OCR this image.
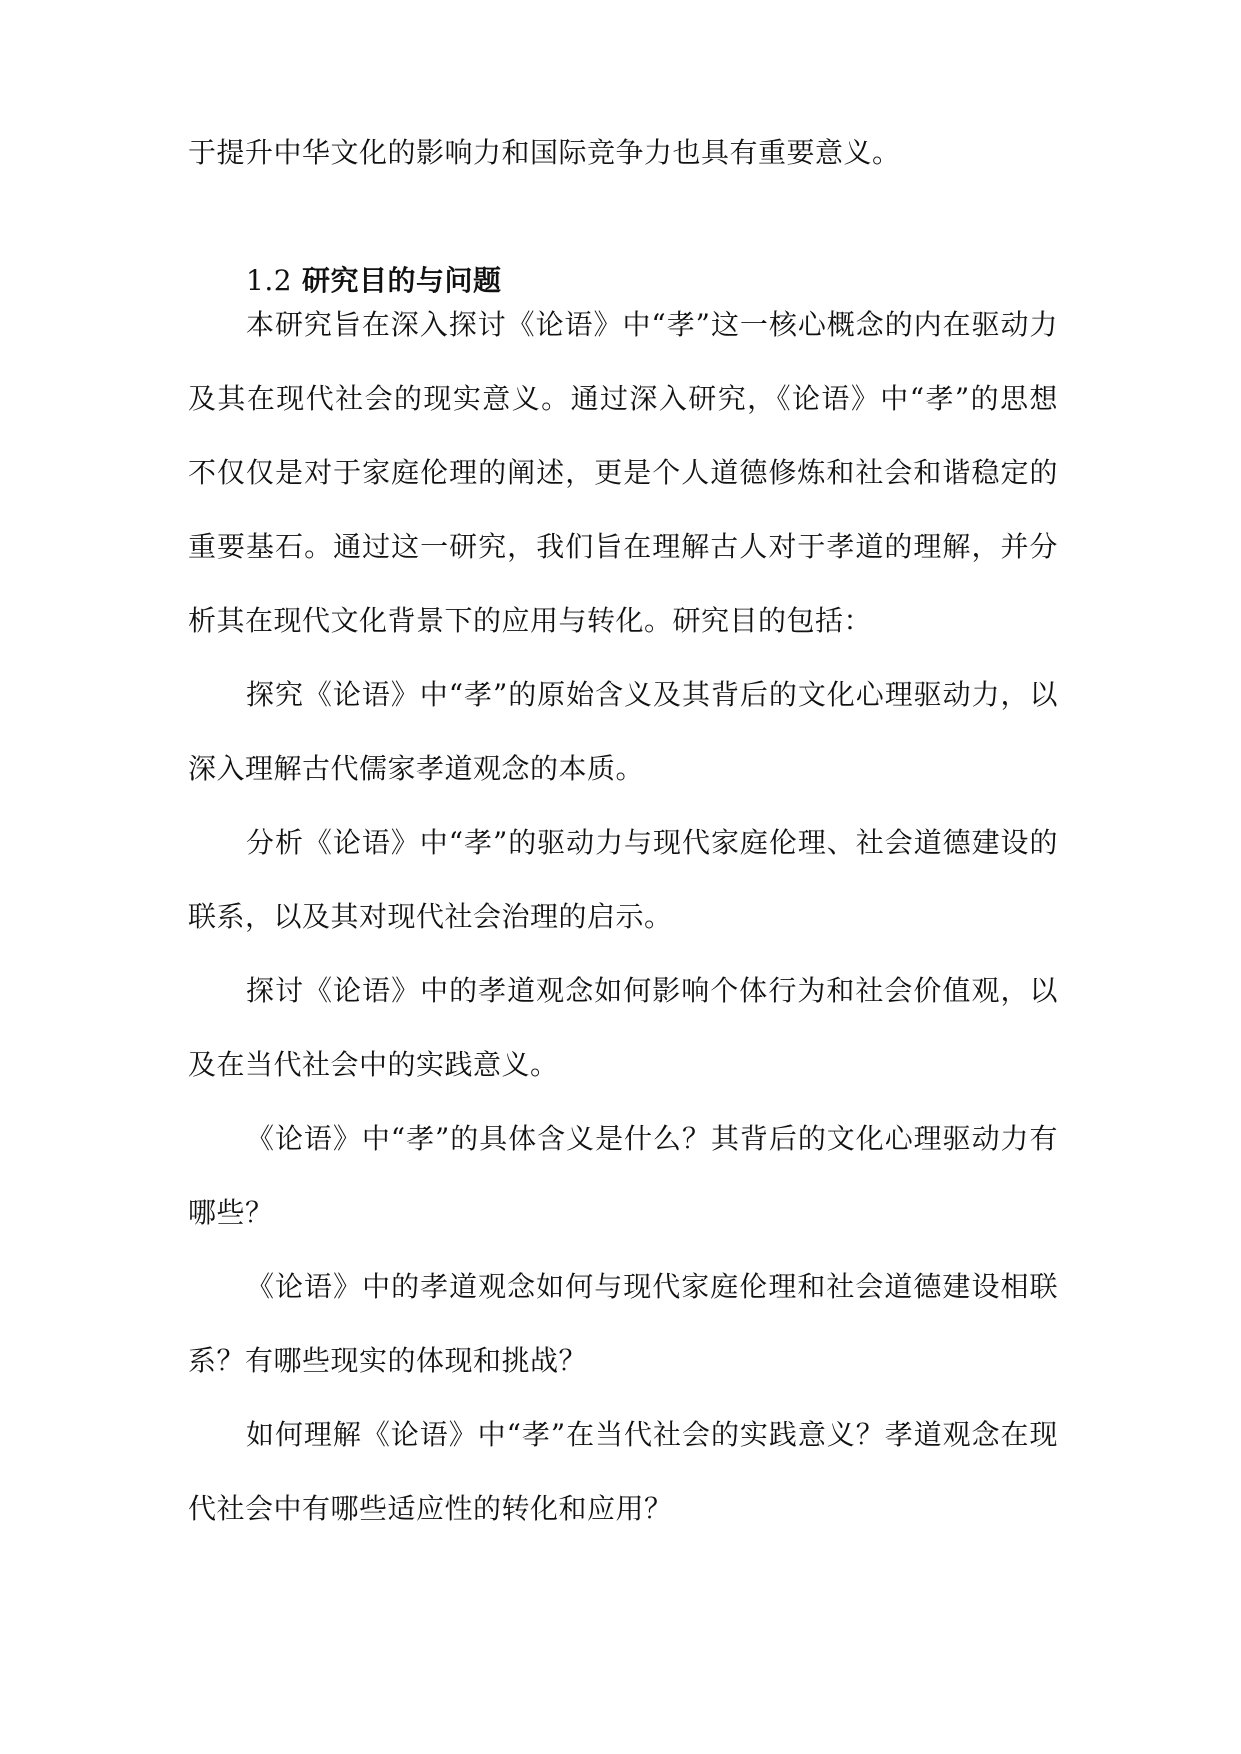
于提升中华文化的影响力和国际竞争力也具有重要意义。
1.2 研究目的与问题
本研究旨在深入探讨《论语》中“孝”这一核心概念的内在驱动力及其在现代社会的现实意义。通过深入研究，《论语》中“孝”的思想不仅仅是对于家庭伦理的阐述，更是个人道德修炼和社会和谐稳定的重要基石。通过这一研究，我们旨在理解古人对于孝道的理解，并分析其在现代文化背景下的应用与转化。研究目的包括：
探究《论语》中“孝”的原始含义及其背后的文化心理驱动力，以深入理解古代儒家孝道观念的本质。
分析《论语》中“孝”的驱动力与现代家庭伦理、社会道德建设的联系，以及其对现代社会治理的启示。
探讨《论语》中的孝道观念如何影响个体行为和社会价值观，以及在当代社会中的实践意义。
《论语》中“孝”的具体含义是什么？其背后的文化心理驱动力有哪些？
《论语》中的孝道观念如何与现代家庭伦理和社会道德建设相联系？有哪些现实的体现和挑战？
如何理解《论语》中“孝”在当代社会的实践意义？孝道观念在现代社会中有哪些适应性的转化和应用？
